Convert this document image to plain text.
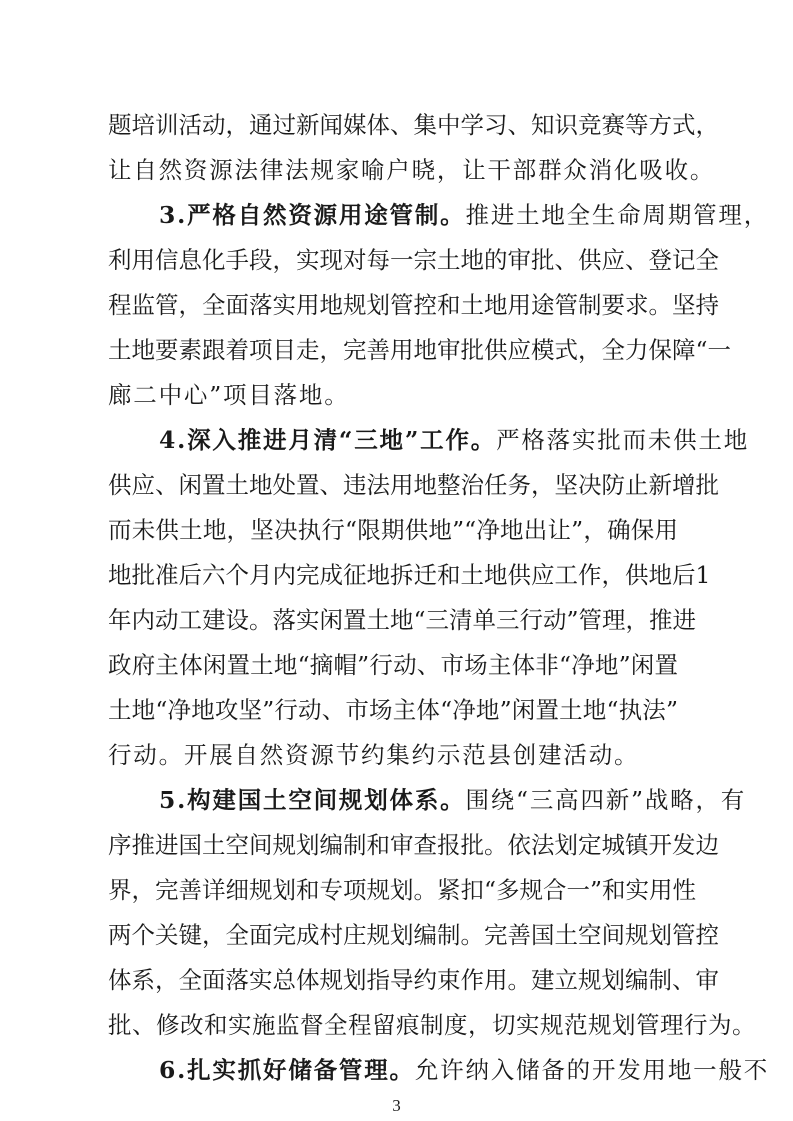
题培训活动，通过新闻媒体、集中学习、知识竞赛等方式，
让自然资源法律法规家喻户晓，让干部群众消化吸收。
3.严格自然资源用途管制。推进土地全生命周期管理，
利用信息化手段，实现对每一宗土地的审批、供应、登记全
程监管，全面落实用地规划管控和土地用途管制要求。坚持
土地要素跟着项目走，完善用地审批供应模式，全力保障“一
廊二中心”项目落地。
4.深入推进月清“三地”工作。严格落实批而未供土地
供应、闲置土地处置、违法用地整治任务，坚决防止新增批
而未供土地，坚决执行“限期供地”“净地出让”，确保用
地批准后六个月内完成征地拆迁和土地供应工作，供地后1
年内动工建设。落实闲置土地“三清单三行动”管理，推进
政府主体闲置土地“摘帽”行动、市场主体非“净地”闲置
土地“净地攻坚”行动、市场主体“净地”闲置土地“执法”
行动。开展自然资源节约集约示范县创建活动。
5.构建国土空间规划体系。围绕“三高四新”战略，有
序推进国土空间规划编制和审查报批。依法划定城镇开发边
界，完善详细规划和专项规划。紧扣“多规合一”和实用性
两个关键，全面完成村庄规划编制。完善国土空间规划管控
体系，全面落实总体规划指导约束作用。建立规划编制、审
批、修改和实施监督全程留痕制度，切实规范规划管理行为。
6.扎实抓好储备管理。允许纳入储备的开发用地一般不
3
